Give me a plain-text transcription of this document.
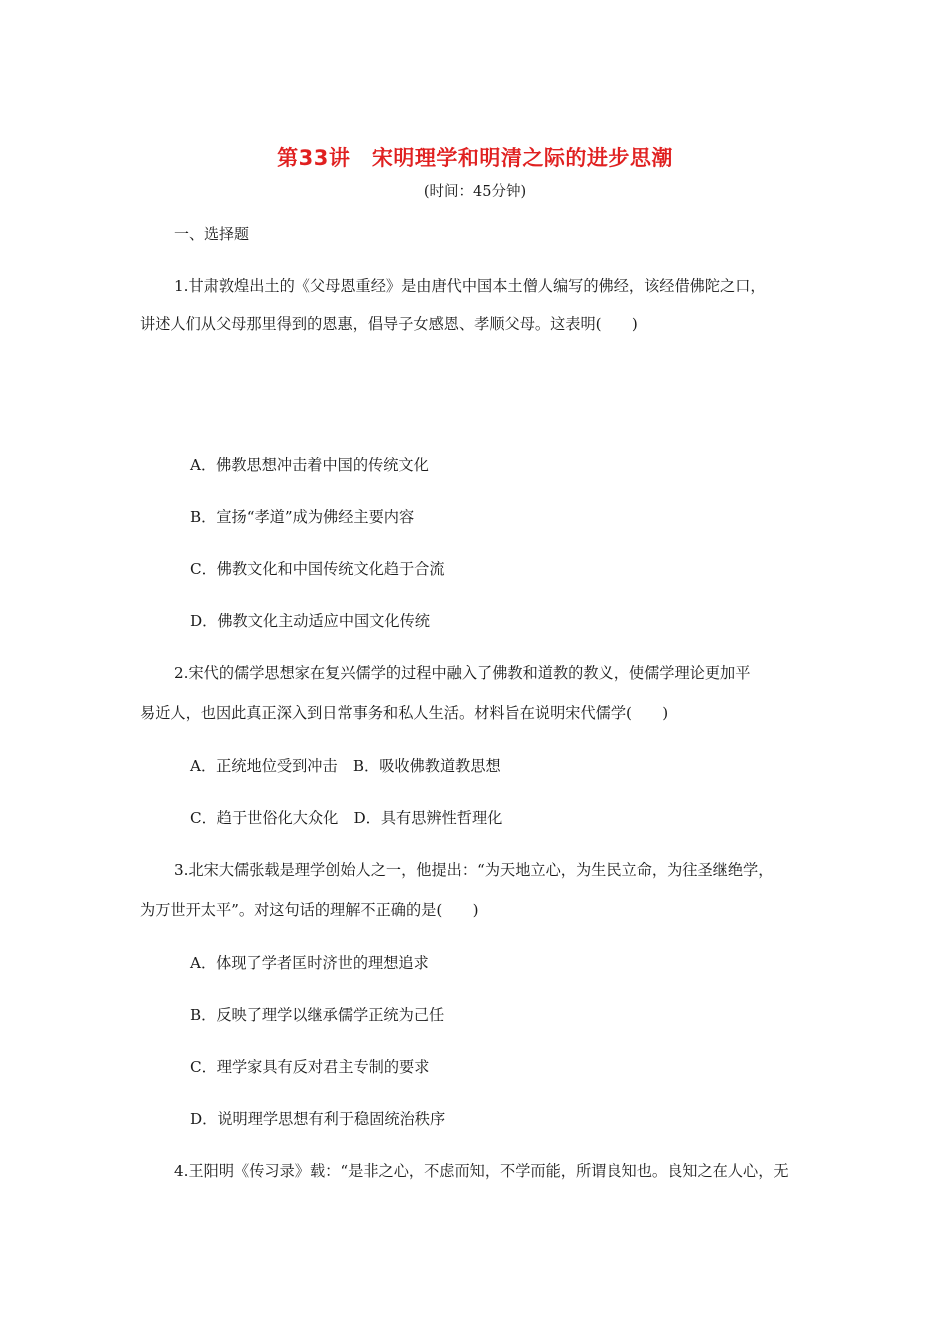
第33讲　宋明理学和明清之际的进步思潮
(时间：45分钟)
一、选择题
1.甘肃敦煌出土的《父母恩重经》是由唐代中国本土僧人编写的佛经，该经借佛陀之口，
讲述人们从父母那里得到的恩惠，倡导子女感恩、孝顺父母。这表明(　　)
A．佛教思想冲击着中国的传统文化
B．宣扬“孝道”成为佛经主要内容
C．佛教文化和中国传统文化趋于合流
D．佛教文化主动适应中国文化传统
2.宋代的儒学思想家在复兴儒学的过程中融入了佛教和道教的教义，使儒学理论更加平
易近人，也因此真正深入到日常事务和私人生活。材料旨在说明宋代儒学(　　)
A．正统地位受到冲击　B．吸收佛教道教思想
C．趋于世俗化大众化　D．具有思辨性哲理化
3.北宋大儒张载是理学创始人之一，他提出：“为天地立心，为生民立命，为往圣继绝学，
为万世开太平”。对这句话的理解不正确的是(　　)
A．体现了学者匡时济世的理想追求
B．反映了理学以继承儒学正统为己任
C．理学家具有反对君主专制的要求
D．说明理学思想有利于稳固统治秩序
4.王阳明《传习录》载：“是非之心，不虑而知，不学而能，所谓良知也。良知之在人心，无
